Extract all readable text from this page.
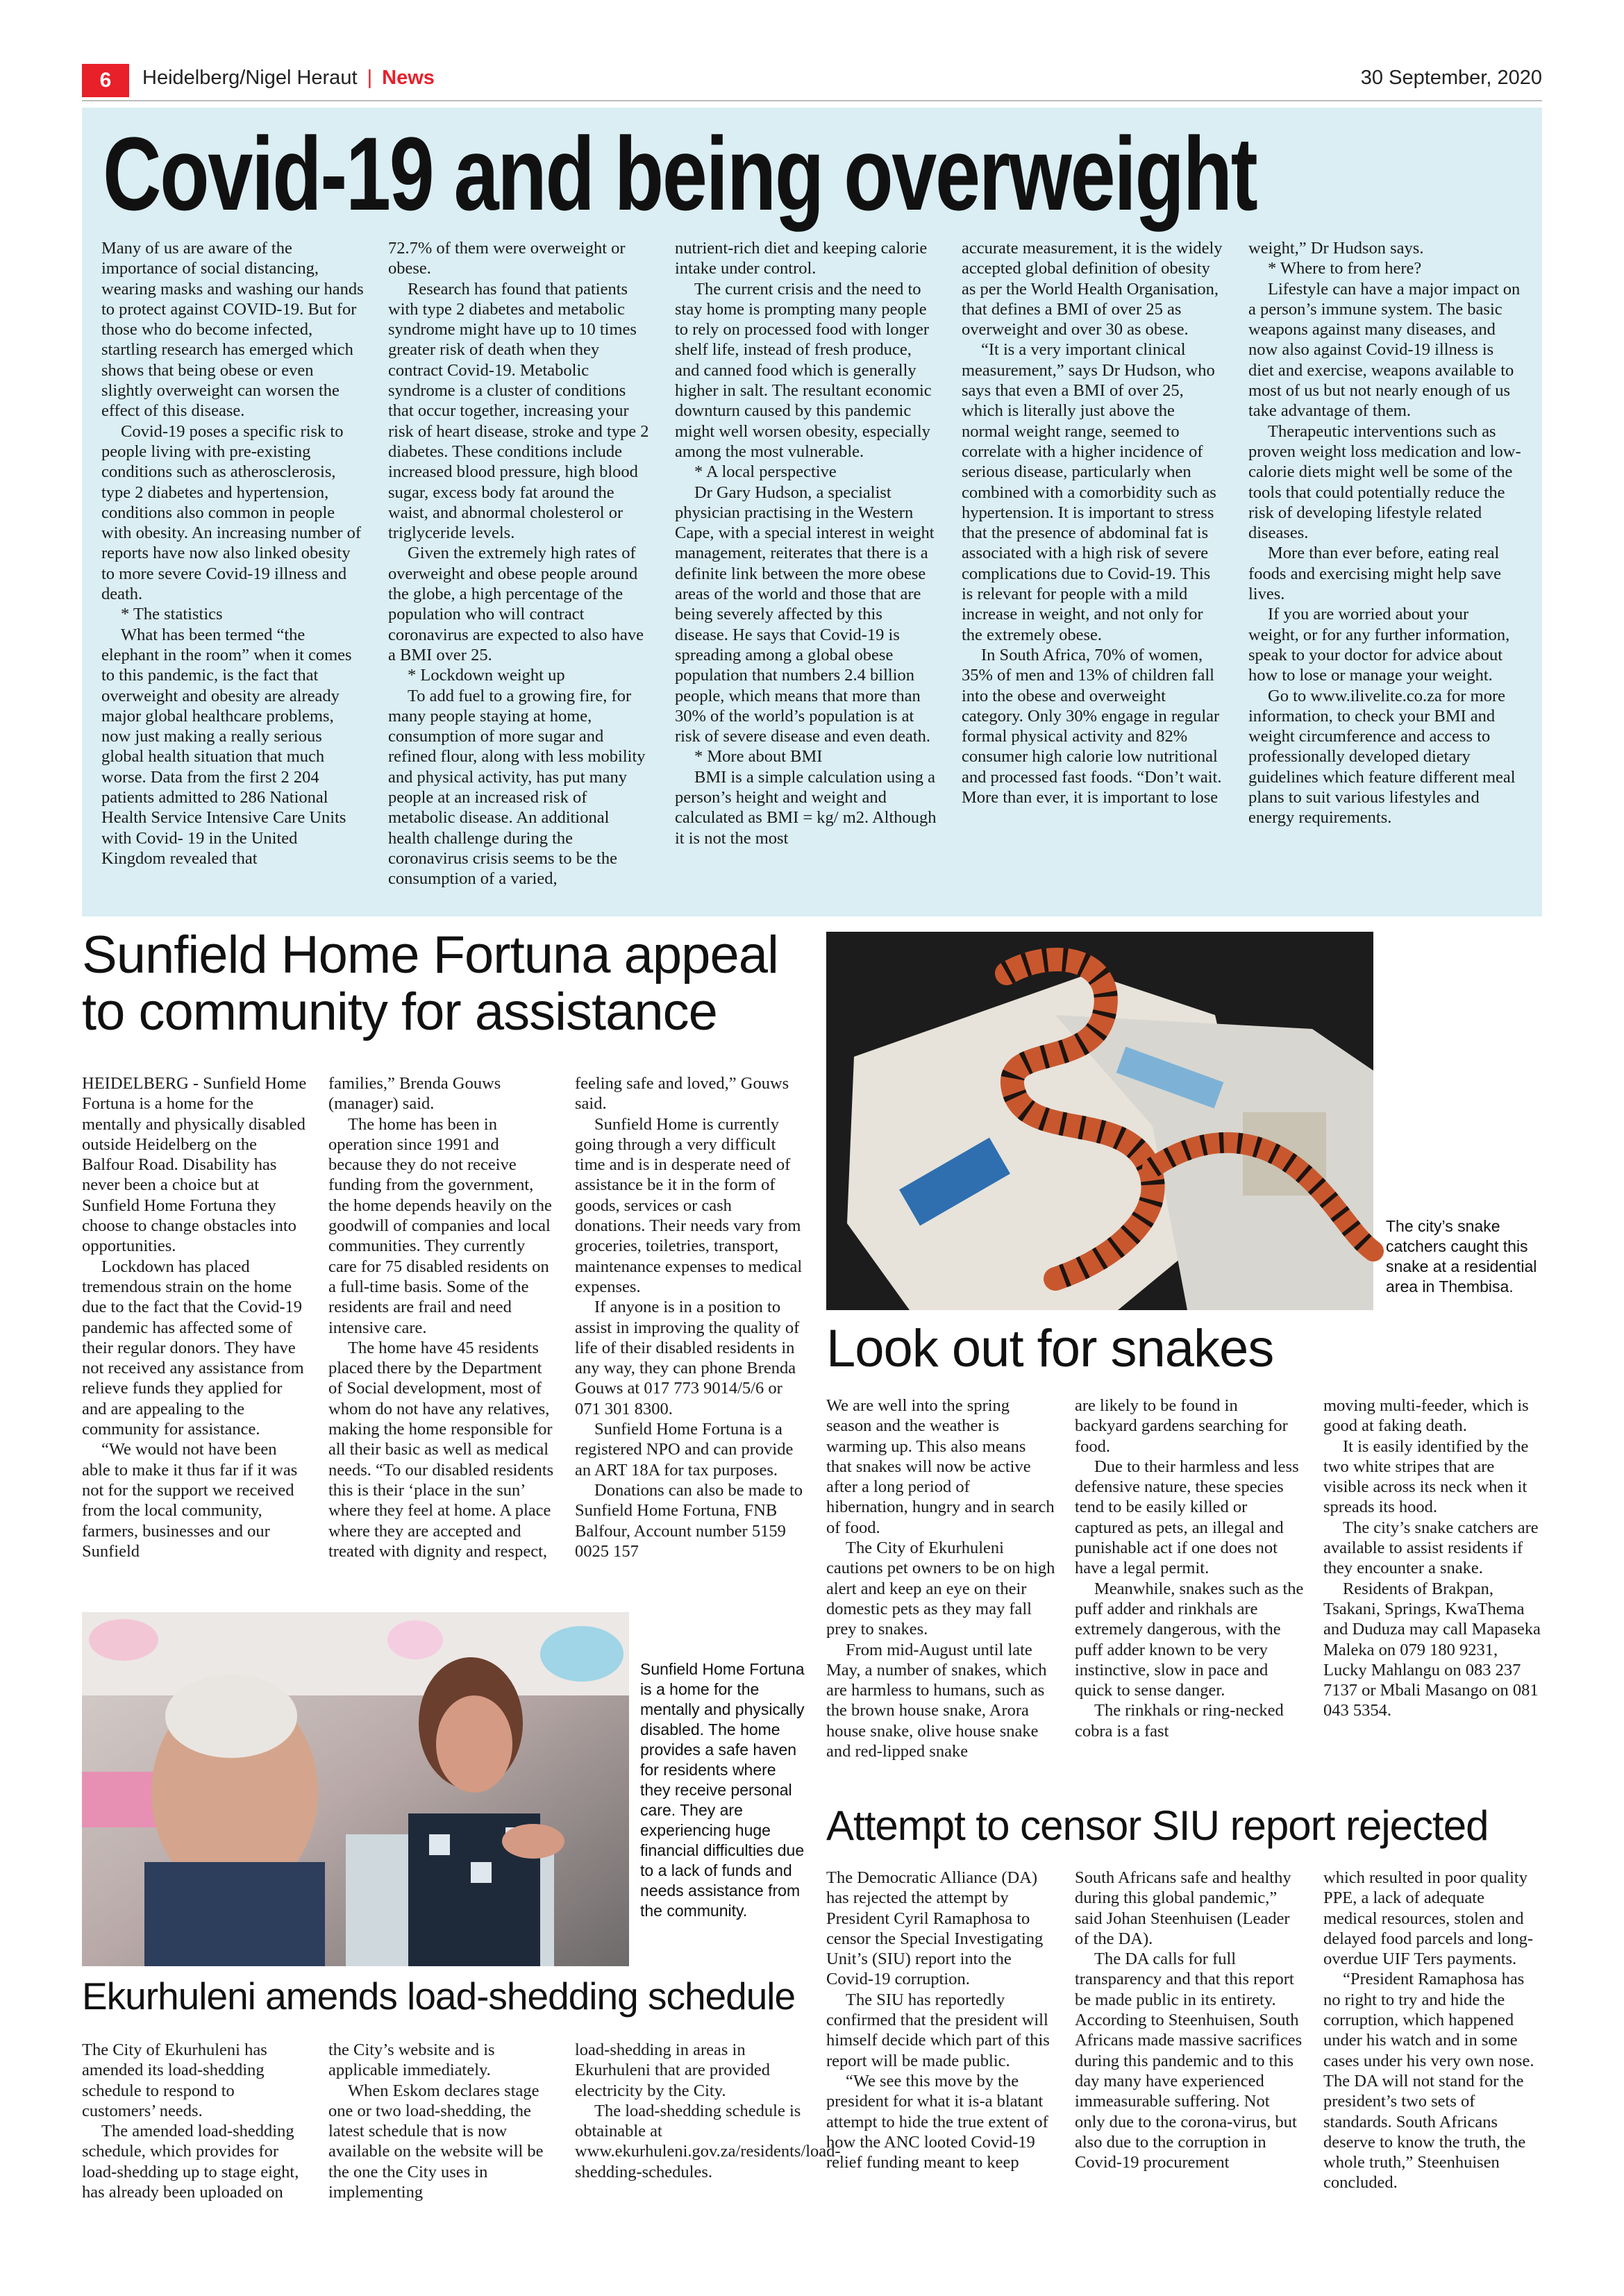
6	Heidelberg/Nigel Heraut | News	30 September, 2020
Covid-19 and being overweight

Many of us are aware of the importance of social distancing, wearing masks and washing our hands to protect against COVID-19. But for those who do become infected, startling research has emerged which shows that being obese or even slightly overweight can worsen the effect of this disease.

Covid-19 poses a specific risk to people living with pre-existing conditions such as atherosclerosis, type 2 diabetes and hypertension, conditions also common in people with obesity. An increasing number of reports have now also linked obesity to more severe Covid-19 illness and death.

* The statistics

What has been termed “the elephant in the room” when it comes to this pandemic, is the fact that overweight and obesity are already major global healthcare problems, now just making a really serious global health situation that much worse. Data from the first 2 204 patients admitted to 286 National Health Service Intensive Care Units with Covid- 19 in the United Kingdom revealed that

72.7% of them were overweight or obese.

Research has found that patients with type 2 diabetes and metabolic syndrome might have up to 10 times greater risk of death when they contract Covid-19. Metabolic syndrome is a cluster of conditions that occur together, increasing your risk of heart disease, stroke and type 2 diabetes. These conditions include increased blood pressure, high blood sugar, excess body fat around the waist, and abnormal cholesterol or triglyceride levels.

Given the extremely high rates of overweight and obese people around the globe, a high percentage of the population who will contract coronavirus are expected to also have a BMI over 25.

* Lockdown weight up

To add fuel to a growing fire, for many people staying at home, consumption of more sugar and refined flour, along with less mobility and physical activity, has put many people at an increased risk of metabolic disease. An additional health challenge during the coronavirus crisis seems to be the consumption of a varied,

nutrient-rich diet and keeping calorie intake under control.

The current crisis and the need to stay home is prompting many people to rely on processed food with longer shelf life, instead of fresh produce, and canned food which is generally higher in salt. The resultant economic downturn caused by this pandemic might well worsen obesity, especially among the most vulnerable.

* A local perspective

Dr Gary Hudson, a specialist physician practising in the Western Cape, with a special interest in weight management, reiterates that there is a definite link between the more obese areas of the world and those that are being severely affected by this disease. He says that Covid-19 is spreading among a global obese population that numbers 2.4 billion people, which means that more than 30% of the world’s population is at risk of severe disease and even death.

* More about BMI

BMI is a simple calculation using a person’s height and weight and calculated as BMI = kg/ m2. Although it is not the most

accurate measurement, it is the widely accepted global definition of obesity as per the World Health Organisation, that defines a BMI of over 25 as overweight and over 30 as obese.

“It is a very important clinical measurement,” says Dr Hudson, who says that even a BMI of over 25, which is literally just above the normal weight range, seemed to correlate with a higher incidence of serious disease, particularly when combined with a comorbidity such as hypertension. It is important to stress that the presence of abdominal fat is associated with a high risk of severe complications due to Covid-19. This is relevant for people with a mild increase in weight, and not only for the extremely obese.

In South Africa, 70% of women, 35% of men and 13% of children fall into the obese and overweight category. Only 30% engage in regular formal physical activity and 82% consumer high calorie low nutritional and processed fast foods. “Don’t wait. More than ever, it is important to lose

weight,” Dr Hudson says.

* Where to from here?

Lifestyle can have a major impact on a person’s immune system. The basic weapons against many diseases, and now also against Covid-19 illness is diet and exercise, weapons available to most of us but not nearly enough of us take advantage of them.

Therapeutic interventions such as proven weight loss medication and low-calorie diets might well be some of the tools that could potentially reduce the risk of developing lifestyle related diseases.

More than ever before, eating real foods and exercising might help save lives.

If you are worried about your weight, or for any further information, speak to your doctor for advice about how to lose or manage your weight.

Go to www.ilivelite.co.za for more information, to check your BMI and weight circumference and access to professionally developed dietary guidelines which feature different meal plans to suit various lifestyles and energy requirements.

Sunfield Home Fortuna appeal to community for assistance

HEIDELBERG - Sunfield Home Fortuna is a home for the mentally and physically disabled outside Heidelberg on the Balfour Road. Disability has never been a choice but at Sunfield Home Fortuna they choose to change obstacles into opportunities.

Lockdown has placed tremendous strain on the home due to the fact that the Covid-19 pandemic has affected some of their regular donors. They have not received any assistance from relieve funds they applied for and are appealing to the community for assistance.

“We would not have been able to make it thus far if it was not for the support we received from the local community, farmers, businesses and our Sunfield

families,” Brenda Gouws (manager) said.

The home has been in operation since 1991 and because they do not receive funding from the government, the home depends heavily on the goodwill of companies and local communities. They currently care for 75 disabled residents on a full-time basis. Some of the residents are frail and need intensive care.

The home have 45 residents placed there by the Department of Social development, most of whom do not have any relatives, making the home responsible for all their basic as well as medical needs. “To our disabled residents this is their ‘place in the sun’ where they feel at home. A place where they are accepted and treated with dignity and respect,

feeling safe and loved,” Gouws said.

Sunfield Home is currently going through a very difficult time and is in desperate need of assistance be it in the form of goods, services or cash donations. Their needs vary from groceries, toiletries, transport, maintenance expenses to medical expenses.

If anyone is in a position to assist in improving the quality of life of their disabled residents in any way, they can phone Brenda Gouws at 017 773 9014/5/6 or 071 301 8300.

Sunfield Home Fortuna is a registered NPO and can provide an ART 18A for tax purposes.

Donations can also be made to Sunfield Home Fortuna, FNB Balfour, Account number 5159 0025 157

Sunfield Home Fortuna is a home for the mentally and physically disabled. The home provides a safe haven for residents where they receive personal care. They are experiencing huge financial difficulties due to a lack of funds and needs assistance from the community.
The city’s snake catchers caught this snake at a residential area in Thembisa.
Look out for snakes

We are well into the spring season and the weather is warming up. This also means that snakes will now be active after a long period of hibernation, hungry and in search of food.

The City of Ekurhuleni cautions pet owners to be on high alert and keep an eye on their domestic pets as they may fall prey to snakes.

From mid-August until late May, a number of snakes, which are harmless to humans, such as the brown house snake, Arora house snake, olive house snake and red-lipped snake

are likely to be found in backyard gardens searching for food.

Due to their harmless and less defensive nature, these species tend to be easily killed or captured as pets, an illegal and punishable act if one does not have a legal permit.

Meanwhile, snakes such as the puff adder and rinkhals are extremely dangerous, with the puff adder known to be very instinctive, slow in pace and quick to sense danger.

The rinkhals or ring-necked cobra is a fast

moving multi-feeder, which is good at faking death.

It is easily identified by the two white stripes that are visible across its neck when it spreads its hood.

The city’s snake catchers are available to assist residents if they encounter a snake.

Residents of Brakpan, Tsakani, Springs, KwaThema and Duduza may call Mapaseka Maleka on 079 180 9231, Lucky Mahlangu on 083 237 7137 or Mbali Masango on 081 043 5354.

Attempt to censor SIU report rejected

The Democratic Alliance (DA) has rejected the attempt by President Cyril Ramaphosa to censor the Special Investigating Unit’s (SIU) report into the Covid-19 corruption.

The SIU has reportedly confirmed that the president will himself decide which part of this report will be made public.

“We see this move by the president for what it is-a blatant attempt to hide the true extent of how the ANC looted Covid-19 relief funding meant to keep

South Africans safe and healthy during this global pandemic,” said Johan Steenhuisen (Leader of the DA).

The DA calls for full transparency and that this report be made public in its entirety. According to Steenhuisen, South Africans made massive sacrifices during this pandemic and to this day many have experienced immeasurable suffering. Not only due to the corona-virus, but also due to the corruption in Covid-19 procurement

which resulted in poor quality PPE, a lack of adequate medical resources, stolen and delayed food parcels and long-overdue UIF Ters payments.

“President Ramaphosa has no right to try and hide the corruption, which happened under his watch and in some cases under his very own nose. The DA will not stand for the president’s two sets of standards. South Africans deserve to know the truth, the whole truth,” Steenhuisen concluded.

Ekurhuleni amends load-shedding schedule

The City of Ekurhuleni has amended its load-shedding schedule to respond to customers’ needs.

The amended load-shedding schedule, which provides for load-shedding up to stage eight, has already been uploaded on

the City’s website and is applicable immediately.

When Eskom declares stage one or two load-shedding, the latest schedule that is now available on the website will be the one the City uses in implementing

load-shedding in areas in Ekurhuleni that are provided electricity by the City.

The load-shedding schedule is obtainable at www.ekurhuleni.gov.za/residents/load-shedding-schedules.
